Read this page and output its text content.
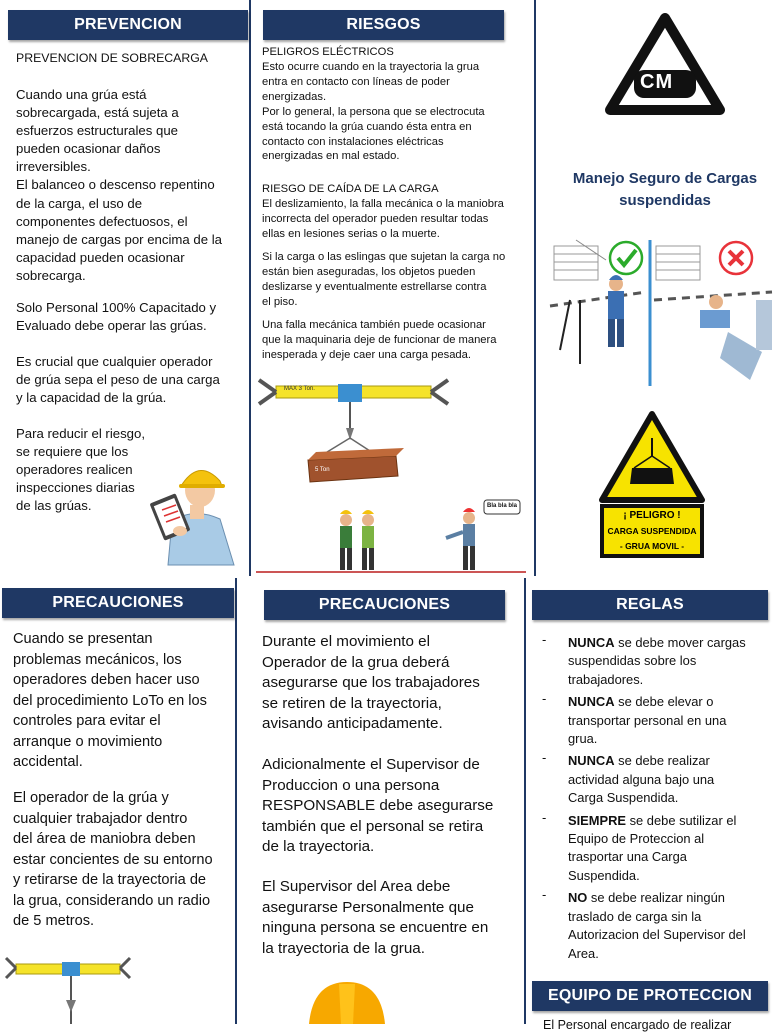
PREVENCION
PREVENCION DE SOBRECARGA
Cuando una grúa está
sobrecargada, está sujeta a
esfuerzos estructurales que
pueden ocasionar daños
irreversibles.
El balanceo o descenso repentino
de la carga, el uso de
componentes defectuosos, el
manejo de cargas por encima de la
capacidad pueden ocasionar
sobrecarga.
Solo Personal 100% Capacitado y
Evaluado debe operar las grúas.
Es crucial que cualquier operador
de grúa sepa el peso de una carga
y la capacidad de la grúa.
Para reducir el riesgo,
se requiere que los
operadores realicen
inspecciones diarias
de las grúas.
RIESGOS
PELIGROS ELÉCTRICOS
Esto ocurre cuando en la trayectoria la grua
entra en contacto con líneas de poder
energizadas.
Por lo general, la persona que se electrocuta
está tocando la grúa cuando ésta entra en
contacto con instalaciones eléctricas
energizadas en mal estado.
RIESGO DE CAÍDA DE LA CARGA
El deslizamiento, la falla mecánica o la maniobra
incorrecta del operador pueden resultar todas
ellas en lesiones serias o la muerte.
Si la carga o las eslingas que sujetan la carga no
están bien aseguradas, los objetos pueden
deslizarse y eventualmente estrellarse contra
el piso.
Una falla mecánica también puede ocasionar
que la maquinaria deje de funcionar de manera
inesperada y deje caer una carga pesada.
MAX 3 Ton.
5 Ton
Bla bla bla
CM
Manejo Seguro de Cargas
suspendidas
¡ PELIGRO !
CARGA SUSPENDIDA
- GRUA MOVIL -
PRECAUCIONES
Cuando se presentan
problemas mecánicos, los
operadores deben hacer uso
del procedimiento LoTo en los
controles para evitar el
arranque o movimiento
accidental.
El operador de la grúa y
cualquier trabajador dentro
del área de maniobra deben
estar concientes de su entorno
y retirarse de la trayectoria de
la grua, considerando un radio
de 5 metros.
PRECAUCIONES
Durante el movimiento el
Operador de la grua deberá
asegurarse que los trabajadores
se retiren de la trayectoria,
avisando anticipadamente.
Adicionalmente el Supervisor de
Produccion o una persona
RESPONSABLE debe asegurarse
también que el personal se retira
de la trayectoria.
El Supervisor del Area debe
asegurarse Personalmente que
ninguna persona se encuentre en
la trayectoria de la grua.
REGLAS
- NUNCA se debe mover cargas
suspendidas sobre los
trabajadores.
- NUNCA se debe elevar o
transportar personal en una
grua.
- NUNCA se debe realizar
actividad alguna bajo una
Carga Suspendida.
- SIEMPRE se debe sutilizar el
Equipo de Proteccion al
trasportar una Carga
Suspendida.
- NO se debe realizar ningún
traslado de carga sin la
Autorizacion del Supervisor del
Area.
EQUIPO DE PROTECCION
El Personal encargado de realizar
